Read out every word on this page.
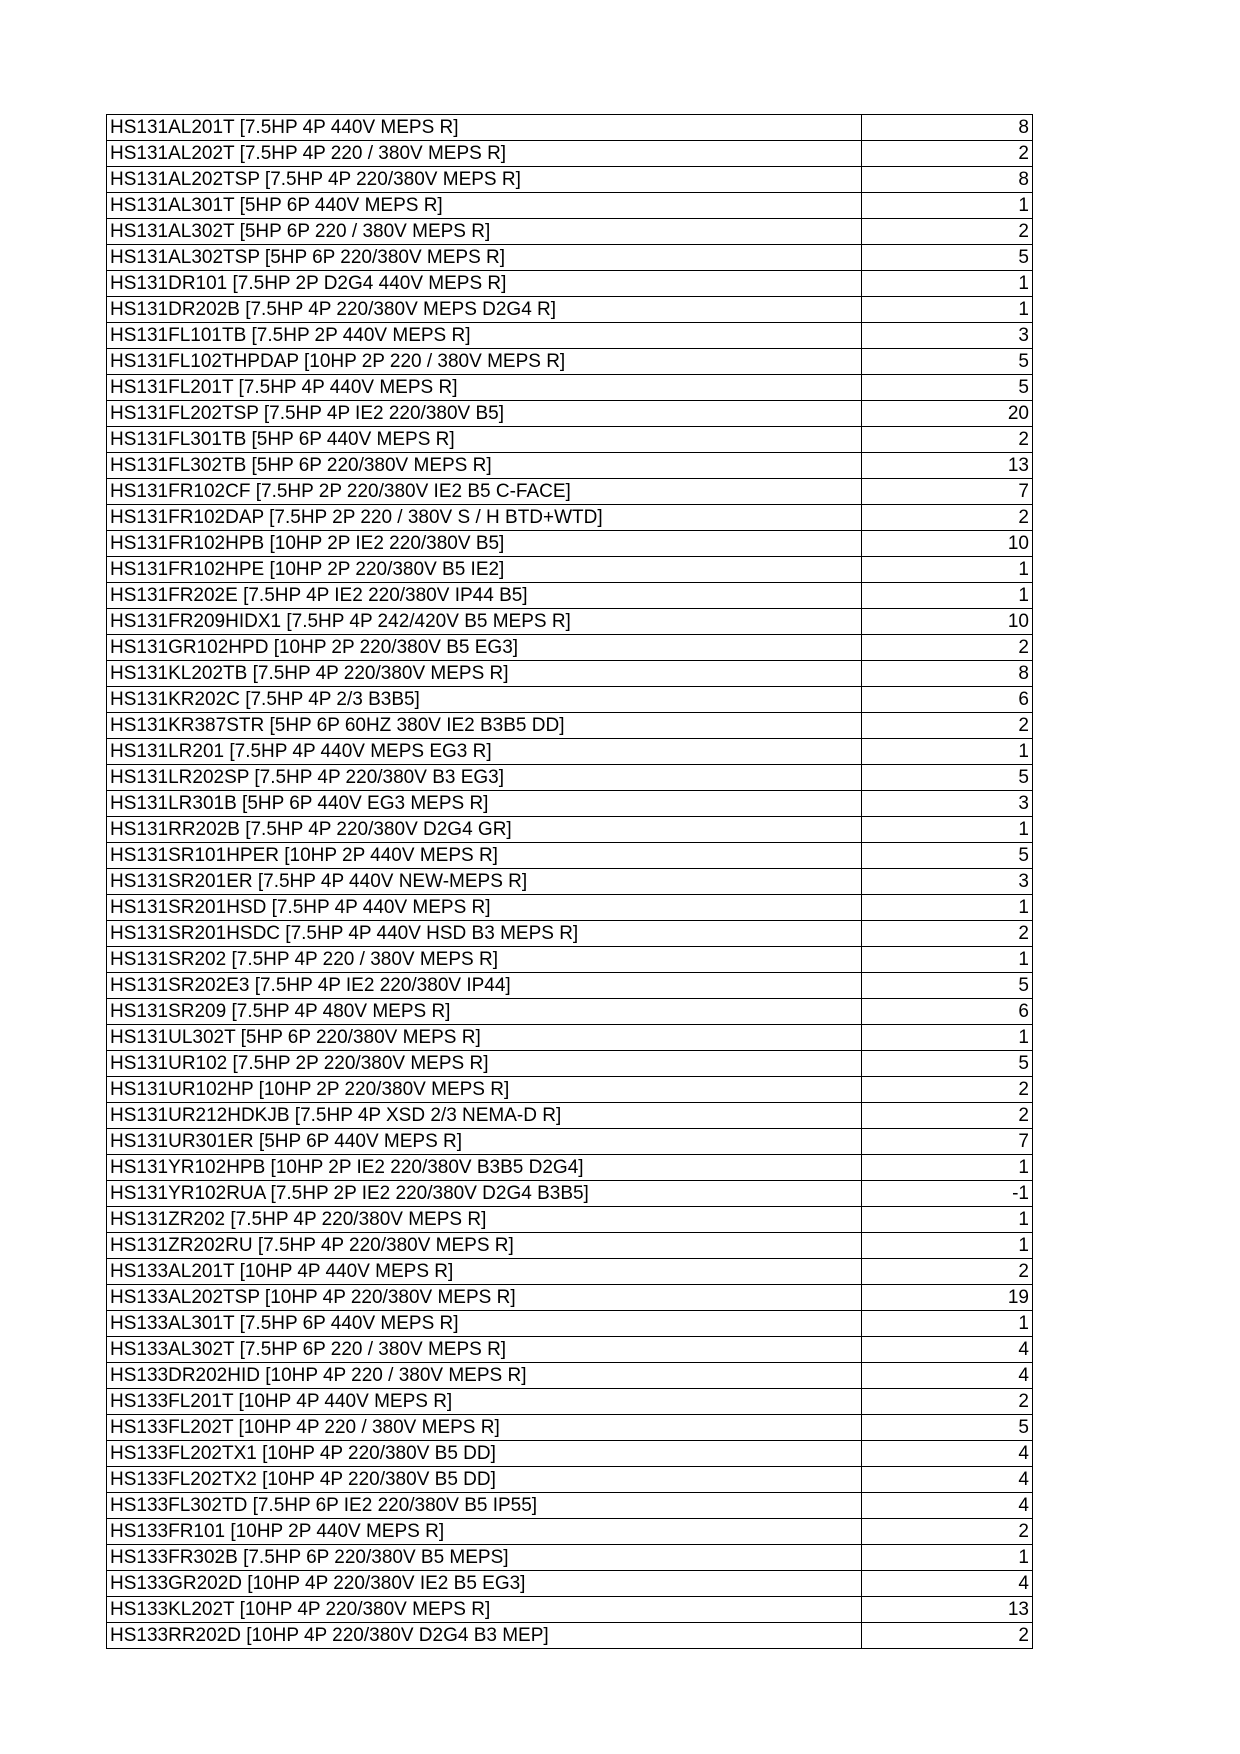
HS131AL201T [7.5HP 4P 440V MEPS R]	8
HS131AL202T [7.5HP 4P 220 / 380V MEPS R]	2
HS131AL202TSP [7.5HP 4P 220/380V MEPS R]	8
HS131AL301T [5HP 6P 440V MEPS R]	1
HS131AL302T [5HP 6P 220 / 380V MEPS R]	2
HS131AL302TSP [5HP 6P 220/380V MEPS R]	5
HS131DR101 [7.5HP 2P D2G4 440V MEPS R]	1
HS131DR202B [7.5HP 4P 220/380V MEPS D2G4 R]	1
HS131FL101TB [7.5HP 2P 440V MEPS R]	3
HS131FL102THPDAP [10HP 2P 220 / 380V MEPS R]	5
HS131FL201T [7.5HP 4P 440V MEPS R]	5
HS131FL202TSP [7.5HP 4P IE2 220/380V B5]	20
HS131FL301TB [5HP 6P 440V MEPS R]	2
HS131FL302TB [5HP 6P 220/380V MEPS R]	13
HS131FR102CF [7.5HP 2P 220/380V IE2 B5 C-FACE]	7
HS131FR102DAP [7.5HP 2P 220 / 380V S / H BTD+WTD]	2
HS131FR102HPB [10HP 2P IE2 220/380V B5]	10
HS131FR102HPE [10HP 2P 220/380V B5 IE2]	1
HS131FR202E [7.5HP 4P IE2 220/380V IP44 B5]	1
HS131FR209HIDX1 [7.5HP 4P 242/420V B5 MEPS R]	10
HS131GR102HPD [10HP 2P 220/380V B5 EG3]	2
HS131KL202TB [7.5HP 4P 220/380V MEPS R]	8
HS131KR202C [7.5HP 4P 2/3 B3B5]	6
HS131KR387STR [5HP 6P 60HZ 380V IE2 B3B5 DD]	2
HS131LR201 [7.5HP 4P 440V MEPS EG3 R]	1
HS131LR202SP [7.5HP 4P 220/380V B3 EG3]	5
HS131LR301B [5HP 6P 440V EG3 MEPS R]	3
HS131RR202B [7.5HP 4P 220/380V D2G4 GR]	1
HS131SR101HPER [10HP 2P 440V MEPS R]	5
HS131SR201ER [7.5HP 4P 440V NEW-MEPS R]	3
HS131SR201HSD [7.5HP 4P 440V MEPS R]	1
HS131SR201HSDC [7.5HP 4P 440V HSD B3 MEPS R]	2
HS131SR202 [7.5HP 4P 220 / 380V MEPS R]	1
HS131SR202E3 [7.5HP 4P IE2 220/380V IP44]	5
HS131SR209 [7.5HP 4P 480V MEPS R]	6
HS131UL302T [5HP 6P 220/380V MEPS R]	1
HS131UR102 [7.5HP 2P 220/380V MEPS R]	5
HS131UR102HP [10HP 2P 220/380V MEPS R]	2
HS131UR212HDKJB [7.5HP 4P XSD 2/3 NEMA-D R]	2
HS131UR301ER [5HP 6P 440V MEPS R]	7
HS131YR102HPB [10HP 2P IE2 220/380V B3B5 D2G4]	1
HS131YR102RUA [7.5HP 2P IE2 220/380V D2G4 B3B5]	-1
HS131ZR202 [7.5HP 4P 220/380V MEPS R]	1
HS131ZR202RU [7.5HP 4P 220/380V MEPS R]	1
HS133AL201T [10HP 4P 440V MEPS R]	2
HS133AL202TSP [10HP 4P 220/380V MEPS R]	19
HS133AL301T [7.5HP 6P 440V MEPS R]	1
HS133AL302T [7.5HP 6P 220 / 380V MEPS R]	4
HS133DR202HID [10HP 4P 220 / 380V MEPS R]	4
HS133FL201T [10HP 4P 440V MEPS R]	2
HS133FL202T [10HP 4P 220 / 380V MEPS R]	5
HS133FL202TX1 [10HP 4P 220/380V B5 DD]	4
HS133FL202TX2 [10HP 4P 220/380V B5 DD]	4
HS133FL302TD [7.5HP 6P IE2 220/380V B5 IP55]	4
HS133FR101 [10HP 2P 440V MEPS R]	2
HS133FR302B [7.5HP 6P 220/380V B5 MEPS]	1
HS133GR202D [10HP 4P 220/380V IE2 B5 EG3]	4
HS133KL202T [10HP 4P 220/380V MEPS R]	13
HS133RR202D [10HP 4P 220/380V D2G4 B3 MEP]	2
